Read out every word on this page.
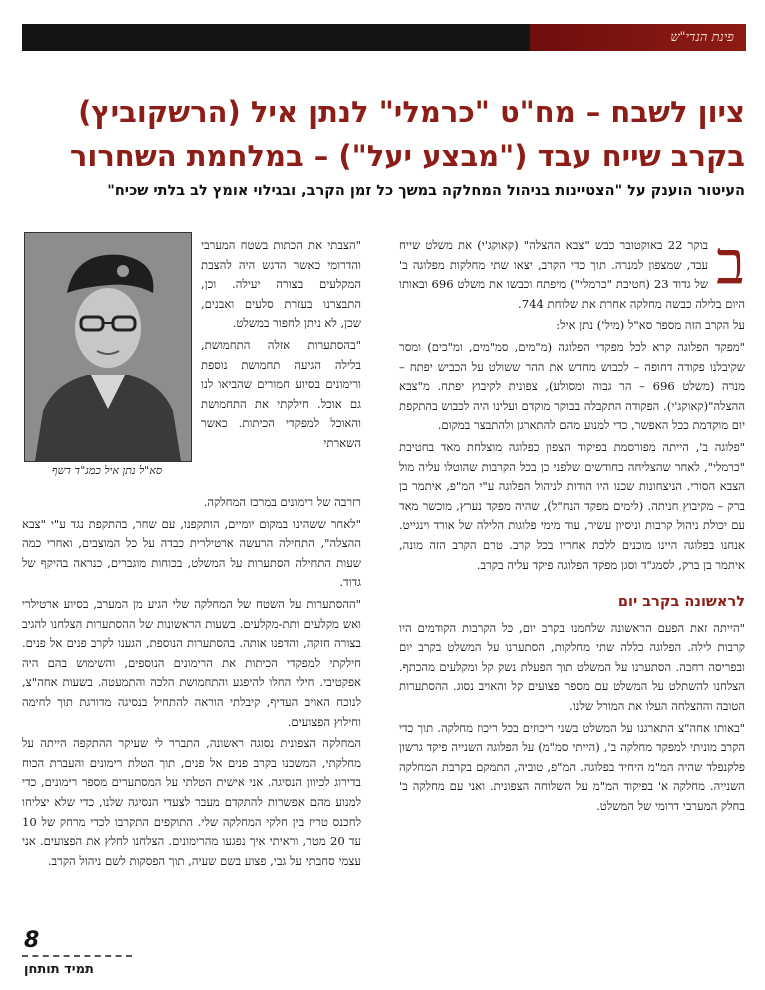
פינת הנדי"ש
ציון לשבח – מח"ט "כרמלי" לנתן איל (הרשקוביץ) בקרב שייח עבד ("מבצע יעל") – במלחמת השחרור
העיטור הוענק על "הצטיינות בניהול המחלקה במשך כל זמן הקרב, ובגילוי אומץ לב בלתי שכיח"
ב

בוקר 22 באוקטובר כבש "צבא ההצלה" (קאוקג'י) את משלט שייח עבד, שמצפון למנרה. תוך כדי הקרב, יצאו שתי מחלקות מפלוגה ב' של גדוד 23 (חטיבת "כרמלי") מיפתח וכבשו את משלט 696 ובאותו היום בלילה כבשה מחלקה אחרת את שלוחת 744.

על הקרב הזה מספר סא"ל (מיל') נתן איל:

"מפקד הפלוגה קרא לכל מפקדי הפלוגה (מ"מים, סמ"מים, ומ"כים) ומסר שקיבלנו פקודה דחופה – לכבוש מחדש את ההר ששולט על הכביש יפתח – מנרה (משלט 696 – הר גבוה ומסולע), צפונית לקיבוץ יפתח. מ"צבא ההצלה"(קאוקג'י). הפקודה התקבלה בבוקר מוקדם ועלינו היה לכבוש בהתקפת יום מוקדמת ככל האפשר, כדי למנוע מהם להתארגן ולהתבצר במקום.

"פלוגה ב', הייתה מפורסמת בפיקוד הצפון כפלוגה מוצלחת מאד בחטיבת "כרמלי", לאחר שהצליחה בחודשים שלפני כן בכל הקרבות שהוטלו עליה מול הצבא הסורי. הניצחונות שכנו היו הודות לניהול הפלוגה ע"י המ"פ, איתמר בן ברק – מקיבוץ חניתה. (לימים מפקד הנח"ל), שהיה מפקד נערץ, מוכשר מאד עם יכולת ניהול קרבות וניסיון עשיר, עוד מימי פלוגות הלילה של אורד וינגייט. אנחנו בפלוגה היינו מוכנים ללכת אחריו בכל קרב. טרם הקרב הזה מונה, איתמר בן ברק, לסמג"ד וסגן מפקד הפלוגה פיקד עליה בקרב.

לראשונה בקרב יום

"הייתה זאת הפעם הראשונה שלחמנו בקרב יום, כל הקרבות הקודמים היו קרבות לילה. הפלוגה כללה שתי מחלקות, הסתערנו על המשלט בקרב יום ובפריסה רחבה. הסתערנו על המשלט תוך הפעלת נשק קל ומקלעים מהכתף. הצלחנו להשתלט על המשלט עם מספר פצועים קל והאויב נסוג. ההסתערות הטובה וההצלחה העלו את המורל שלנו.

"באותו אחה"צ התארגנו על המשלט בשני ריכוזים בכל ריכוז מחלקה. תוך כדי הקרב מוניתי למפקד מחלקה ב', (הייתי סמ"מ) על הפלוגה השנייה פיקד גרשון פלקנפלד שהיה המ"מ היחיד בפלוגה. המ"פ, טוביה, התמקם בקרבת המחלקה השנייה. מחלקה א' בפיקוד המ"מ על השלוחה הצפונית. ואני עם מחלקה ב' בחלק המערבי דרומי של המשלט.

"הצבתי את הכתות בשטח המערבי והדרומי כאשר הדגש היה להצבת המקלעים בצורה יעילה. וכן, התבצרנו בעזרת סלעים ואבנים, שכן, לא ניתן לחפור במשלט.

"בהסתערות אזלה התחמושת, בלילה הגיעה תחמושת נוספת ורימונים בסיוע חמורים שהביאו לנו גם אוכל. חילקתי את התחמושת והאוכל למפקדי הכיתות. כאשר השארתי

סא"ל נתן איל כמג"ד דשף

רזרבה של רימונים במרכז המחלקה.

"לאחר ששהינו במקום יומיים, הותקפנו, עם שחר, בהתקפת נגד ע"י "צבא ההצלה", התחילה הרעשה ארטילרית כבדה על כל המוצבים, ואחרי כמה שעות התחילה הסתערות על המשלט, בכוחות מוגברים, כנראה בהיקף של גדוד.

"ההסתערות על השטח של המחלקה שלי הגיע מן המערב, בסיוע ארטילרי ואש מקלעים ותת-מקלעים. בשעות הראשונות של ההסתערות הצלחנו להגיב בצורה חזקה, והדפנו אותה. בהסתערות הנוספת, הגענו לקרב פנים אל פנים. חילקתי למפקדי הכיתות את הרימונים הנוספים, והשימוש בהם היה אפקטיבי. חילי החלו להיפגע והתחמושת הלכה והתמעטה. בשעות אחה"צ, לנוכח האויב העדיף, קיבלתי הוראה להתחיל בנסיגה מדורגת תוך לחימה וחילוץ הפצועים.

המחלקה הצפונית נסוגה ראשונה, התברר לי שעיקר ההתקפה הייתה על מחלקתי, המשכנו בקרב פנים אל פנים, תוך הטלת רימונים והעברת הכוח בדירוג לכיוון הנסיגה. אני אישית הטלתי על המסתערים מספר רימונים, כדי למנוע מהם אפשרות להתקדם מעבר לצעדי הנסיגה שלנו, כדי שלא יצליחו לחכנס טריז בין חלקי המחלקה שלי. התוקפים התקרבו לכדי מרחק של 10 עד 20 מטר, וראיתי איך נפגעו מהרימונים. הצלחנו לחלץ את הפצועים. אני עצמי סחבתי על גבי, פצוע בשם שעיה, תוך הפסקות לשם ניהול הקרב.

8
תמיד תותחן
